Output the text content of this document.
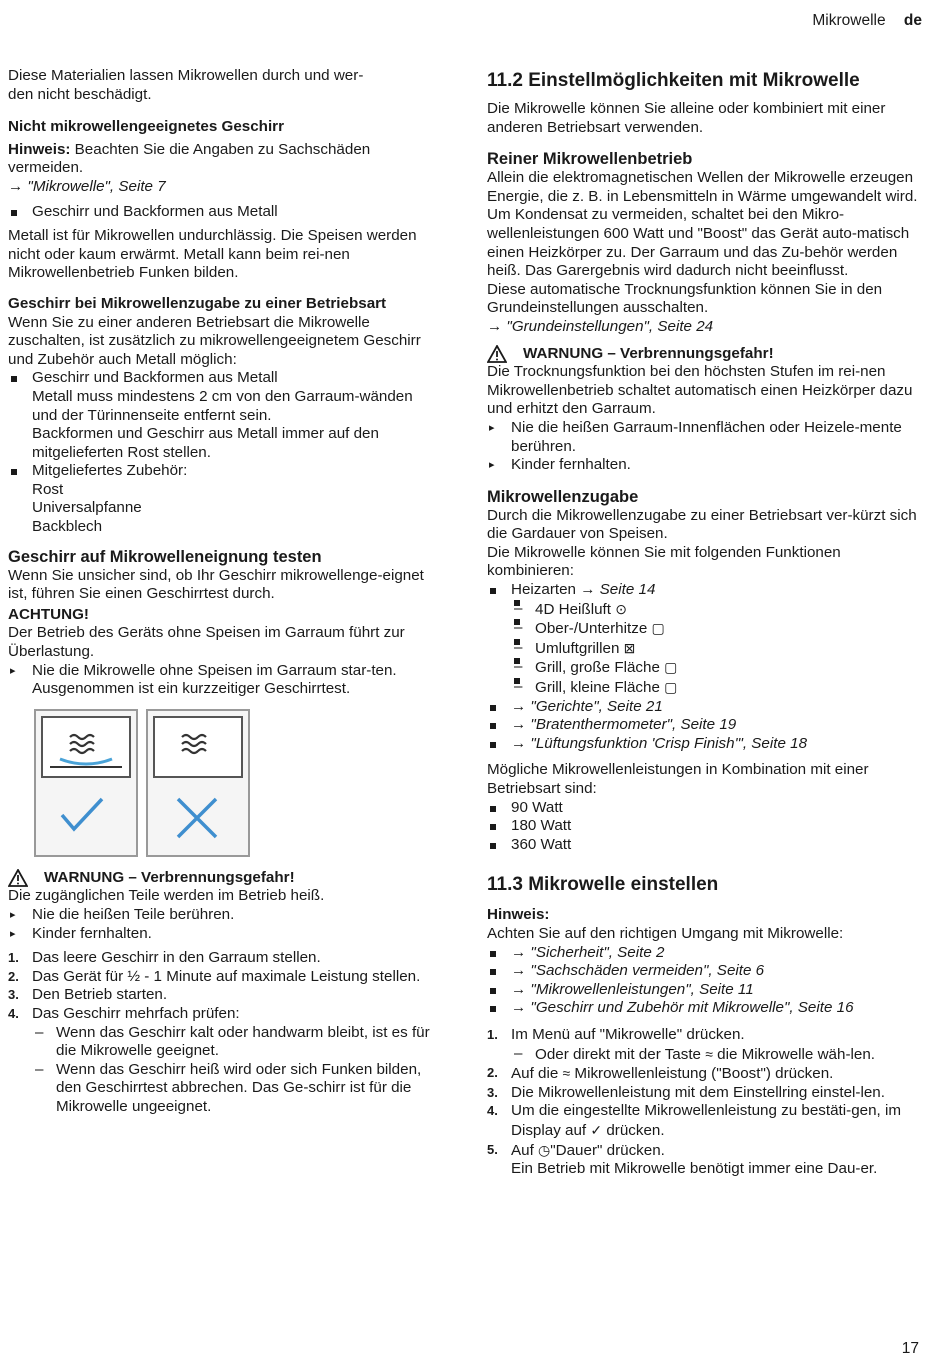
Mikrowelle de

Diese Materialien lassen Mikrowellen durch und wer-
den nicht beschädigt.

Nicht mikrowellengeeignetes Geschirr

Hinweis: Beachten Sie die Angaben zu Sachschäden vermeiden.

→ "Mikrowelle", Seite 7

Geschirr und Backformen aus Metall

Metall ist für Mikrowellen undurchlässig. Die Speisen werden nicht oder kaum erwärmt. Metall kann beim rei-nen Mikrowellenbetrieb Funken bilden.

Geschirr bei Mikrowellenzugabe zu einer Betriebsart

Wenn Sie zu einer anderen Betriebsart die Mikrowelle zuschalten, ist zusätzlich zu mikrowellengeeignetem Geschirr und Zubehör auch Metall möglich:

Geschirr und Backformen aus Metall
Metall muss mindestens 2 cm von den Garraum-wänden und der Türinnenseite entfernt sein.
Backformen und Geschirr aus Metall immer auf den mitgelieferten Rost stellen.
Mitgeliefertes Zubehör:
Rost
Universalpfanne
Backblech

Geschirr auf Mikrowelleneignung testen

Wenn Sie unsicher sind, ob Ihr Geschirr mikrowellenge-eignet ist, führen Sie einen Geschirrtest durch.

ACHTUNG!

Der Betrieb des Geräts ohne Speisen im Garraum führt zur Überlastung.

▸ Nie die Mikrowelle ohne Speisen im Garraum star-ten. Ausgenommen ist ein kurzzeitiger Geschirrtest.
WARNUNG – Verbrennungsgefahr!

Die zugänglichen Teile werden im Betrieb heiß.

▸ Nie die heißen Teile berühren.
▸ Kinder fernhalten.
1. Das leere Geschirr in den Garraum stellen.
2. Das Gerät für ½ - 1 Minute auf maximale Leistung stellen.
3. Den Betrieb starten.
4. Das Geschirr mehrfach prüfen:
– Wenn das Geschirr kalt oder handwarm bleibt, ist es für die Mikrowelle geeignet.
– Wenn das Geschirr heiß wird oder sich Funken bilden, den Geschirrtest abbrechen. Das Ge-schirr ist für die Mikrowelle ungeeignet.

11.2 Einstellmöglichkeiten mit Mikrowelle

Die Mikrowelle können Sie alleine oder kombiniert mit einer anderen Betriebsart verwenden.

Reiner Mikrowellenbetrieb

Allein die elektromagnetischen Wellen der Mikrowelle erzeugen Energie, die z. B. in Lebensmitteln in Wärme umgewandelt wird.

Um Kondensat zu vermeiden, schaltet bei den Mikro-wellenleistungen 600 Watt und "Boost" das Gerät auto-matisch einen Heizkörper zu. Der Garraum und das Zu-behör werden heiß. Das Garergebnis wird dadurch nicht beeinflusst.

Diese automatische Trocknungsfunktion können Sie in den Grundeinstellungen ausschalten.

→ "Grundeinstellungen", Seite 24

WARNUNG – Verbrennungsgefahr!

Die Trocknungsfunktion bei den höchsten Stufen im rei-nen Mikrowellenbetrieb schaltet automatisch einen Heizkörper dazu und erhitzt den Garraum.

▸ Nie die heißen Garraum-Innenflächen oder Heizele-mente berühren.
▸ Kinder fernhalten.

Mikrowellenzugabe

Durch die Mikrowellenzugabe zu einer Betriebsart ver-kürzt sich die Gardauer von Speisen.

Die Mikrowelle können Sie mit folgenden Funktionen kombinieren:

Heizarten → Seite 14
– 4D Heißluft ⊙
– Ober-/Unterhitze ▢
– Umluftgrillen ⊠
– Grill, große Fläche ▢
– Grill, kleine Fläche ▢
→ "Gerichte", Seite 21
→ "Bratenthermometer", Seite 19
→ "Lüftungsfunktion 'Crisp Finish'", Seite 18

Mögliche Mikrowellenleistungen in Kombination mit einer Betriebsart sind:

90 Watt
180 Watt
360 Watt

11.3 Mikrowelle einstellen

Hinweis:

Achten Sie auf den richtigen Umgang mit Mikrowelle:

→ "Sicherheit", Seite 2
→ "Sachschäden vermeiden", Seite 6
→ "Mikrowellenleistungen", Seite 11
→ "Geschirr und Zubehör mit Mikrowelle", Seite 16
1. Im Menü auf "Mikrowelle" drücken.
– Oder direkt mit der Taste ≈ die Mikrowelle wäh-len.
2. Auf die ≈ Mikrowellenleistung ("Boost") drücken.
3. Die Mikrowellenleistung mit dem Einstellring einstel-len.
4. Um die eingestellte Mikrowellenleistung zu bestäti-gen, im Display auf ✓ drücken.
5. Auf ◷"Dauer" drücken.
Ein Betrieb mit Mikrowelle benötigt immer eine Dau-er.
17
